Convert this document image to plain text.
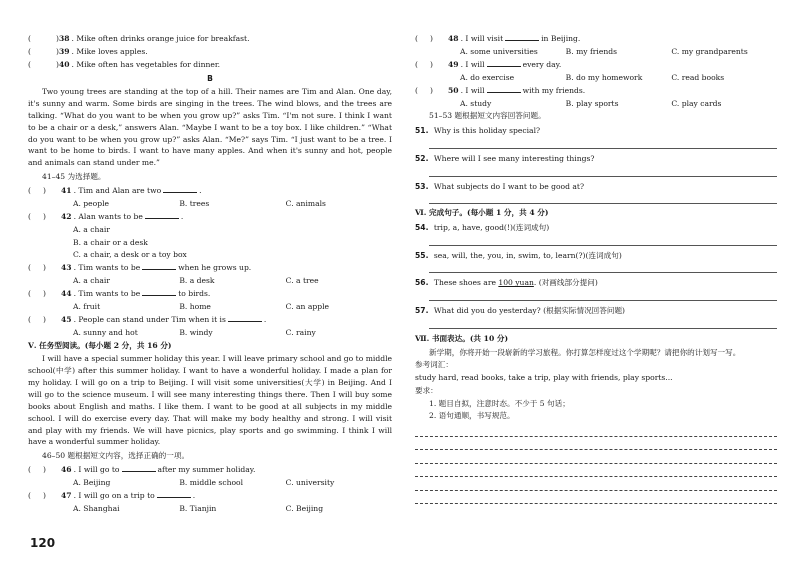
(	) 38 . Mike often drinks orange juice for breakfast.
(	) 39 . Mike loves apples.
(	) 40 . Mike often has vegetables for dinner.
B

Two young trees are standing at the top of a hill. Their names are Tim and Alan. One day, it's sunny and warm. Some birds are singing in the trees. The wind blows, and the trees are talking. “What do you want to be when you grow up?” asks Tim. “I'm not sure. I think I want to be a chair or a desk,” answers Alan. “Maybe I want to be a toy box. I like children.” “What do you want to be when you grow up?” asks Alan. “Me?” says Tim. “I just want to be a tree. I want to be home to birds. I want to have many apples. And when it's sunny and hot, people and animals can stand under me.”

41–45 为选择题。
(     )	41 . Tim and Alan are two	.
A. people	B. trees	C. animals
(     )	42 . Alan wants to be	.
A. a chair
B. a chair or a desk
C. a chair, a desk or a toy box
(     )	43 . Tim wants to be	when he grows up.
A. a chair	B. a desk	C. a tree
(     )	44 . Tim wants to be	to birds.
A. fruit	B. home	C. an apple
(     )	45 . People can stand under Tim when it is	.
A. sunny and hot	B. windy	C. rainy
Ⅴ. 任务型阅读。(每小题 2 分，共 16 分)

I will have a special summer holiday this year. I will leave primary school and go to middle school(中学) after this summer holiday. I want to have a wonderful holiday. I made a plan for my holiday. I will go on a trip to Beijing. I will visit some universities(大学) in Beijing. And I will go to the science museum. I will see many interesting things there. Then I will buy some books about English and maths. I like them. I want to be good at all subjects in my middle school. I will do exercise every day. That will make my body healthy and strong. I will visit and play with my friends. We will have picnics, play sports and go swimming. I think I will have a wonderful summer holiday.

46–50 题根据短文内容，选择正确的一项。
(     )	46 . I will go to	after my summer holiday.
A. Beijing	B. middle school	C. university
(     )	47 . I will go on a trip to	.
A. Shanghai	B. Tianjin	C. Beijing
120
(     )	48 . I will visit	in Beijing.
A. some universities	B. my friends	C. my grandparents
(     )	49 . I will	every day.
A. do exercise	B. do my homework	C. read books
(     )	50 . I will	with my friends.
A. study	B. play sports	C. play cards
51–53 题根据短文内容回答问题。
51. Why is this holiday special?
52. Where will I see many interesting things?
53. What subjects do I want to be good at?
Ⅵ. 完成句子。(每小题 1 分，共 4 分)
54. trip, a, have, good(!)(连词成句)
55. sea, will, the, you, in, swim, to, learn(?)(连词成句)
56. These shoes are 100 yuan. (对画线部分提问)
57. What did you do yesterday? (根据实际情况回答问题)
Ⅶ. 书面表达。(共 10 分)
新学期，你将开始一段崭新的学习旅程。你打算怎样度过这个学期呢？请把你的计划写一写。
参考词汇：
study hard, read books, take a trip, play with friends, play sports...
要求：
1. 题目自拟，注意时态。不少于 5 句话；
2. 语句通顺，书写规范。
